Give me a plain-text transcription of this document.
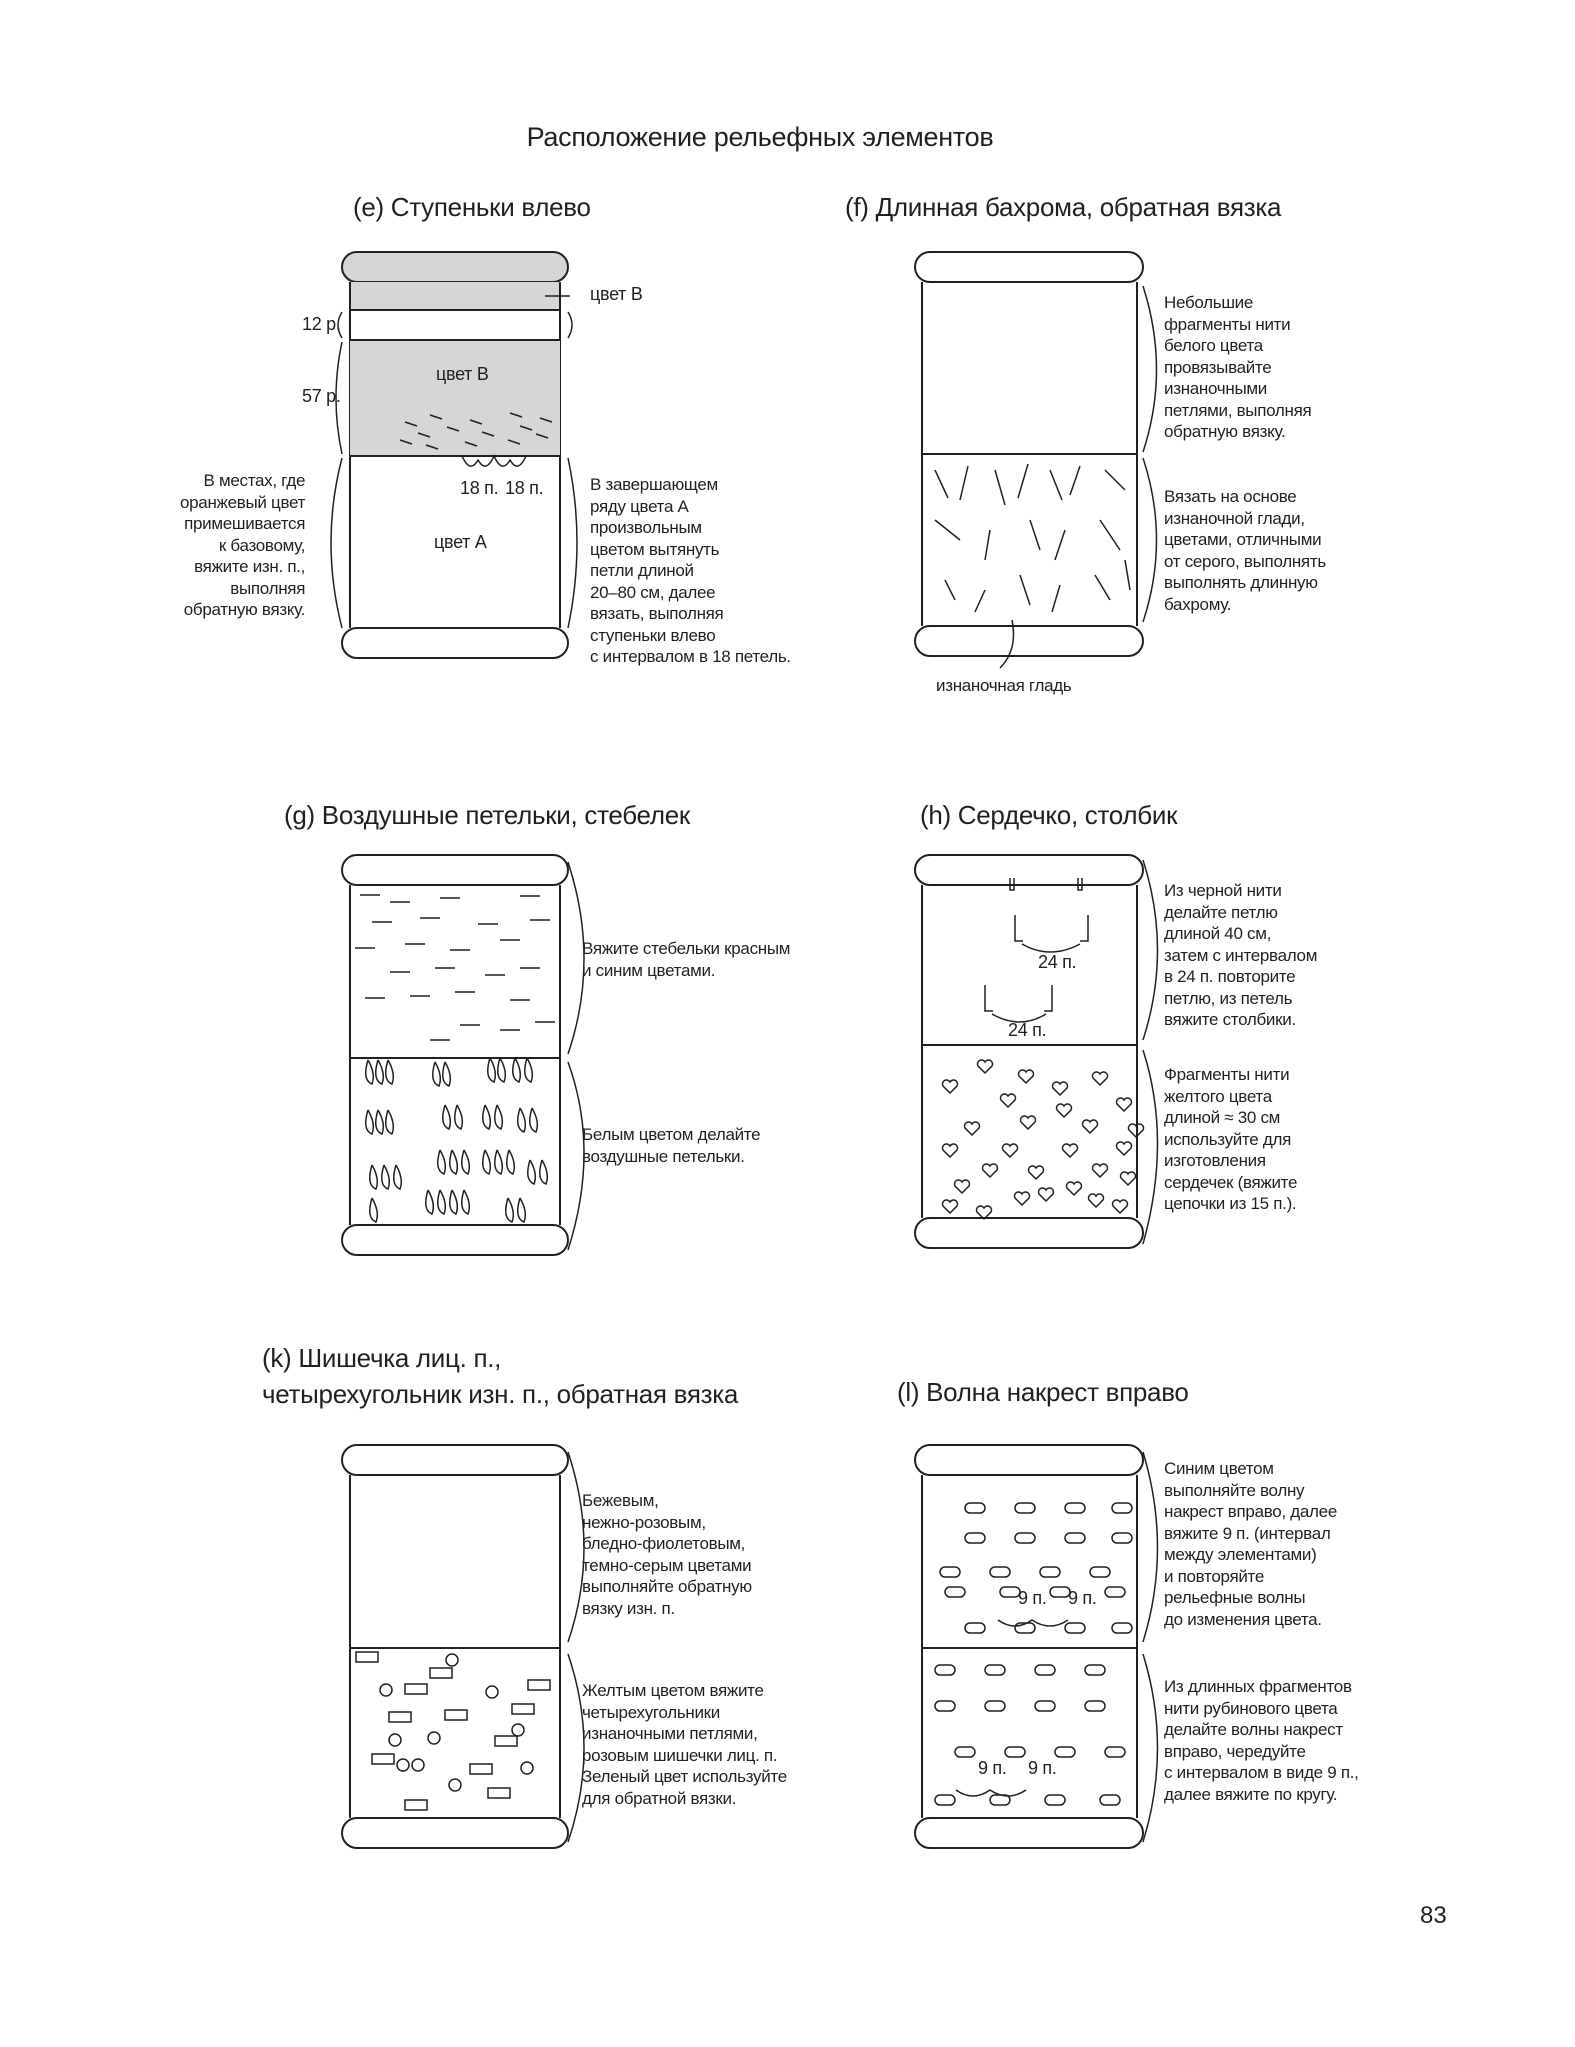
Расположение рельефных элементов
(e) Ступеньки влево
цвет B
12 р.
57 р.
цвет B
цвет A
18 п. 18 п.
В местах, где
оранжевый цвет
примешивается
к базовому,
вяжите изн. п.,
выполняя
обратную вязку.
В завершающем
ряду цвета A
произвольным
цветом вытянуть
петли длиной
20–80 см, далее
вязать, выполняя
ступеньки влево
с интервалом в 18 петель.
(f) Длинная бахрома, обратная вязка
Небольшие
фрагменты нити
белого цвета
провязывайте
изнаночными
петлями, выполняя
обратную вязку.
Вязать на основе
изнаночной глади,
цветами, отличными
от серого, выполнять
выполнять длинную
бахрому.
изнаночная гладь
(g) Воздушные петельки, стебелек
Вяжите стебельки красным
и синим цветами.
Белым цветом делайте
воздушные петельки.
(h) Сердечко, столбик
24 п.
24 п.
Из черной нити
делайте петлю
длиной 40 см,
затем с интервалом
в 24 п. повторите
петлю, из петель
вяжите столбики.
Фрагменты нити
желтого цвета
длиной ≈ 30 см
используйте для
изготовления
сердечек (вяжите
цепочки из 15 п.).
(k) Шишечка лиц. п.,
четырехугольник изн. п., обратная вязка
Бежевым,
нежно-розовым,
бледно-фиолетовым,
темно-серым цветами
выполняйте обратную
вязку изн. п.
Желтым цветом вяжите
четырехугольники
изнаночными петлями,
розовым шишечки лиц. п.
Зеленый цвет используйте
для обратной вязки.
(l) Волна накрест вправо
9 п. 9 п.
9 п. 9 п.
Синим цветом
выполняйте волну
накрест вправо, далее
вяжите 9 п. (интервал
между элементами)
и повторяйте
рельефные волны
до изменения цвета.
Из длинных фрагментов
нити рубинового цвета
делайте волны накрест
вправо, чередуйте
с интервалом в виде 9 п.,
далее вяжите по кругу.
83
